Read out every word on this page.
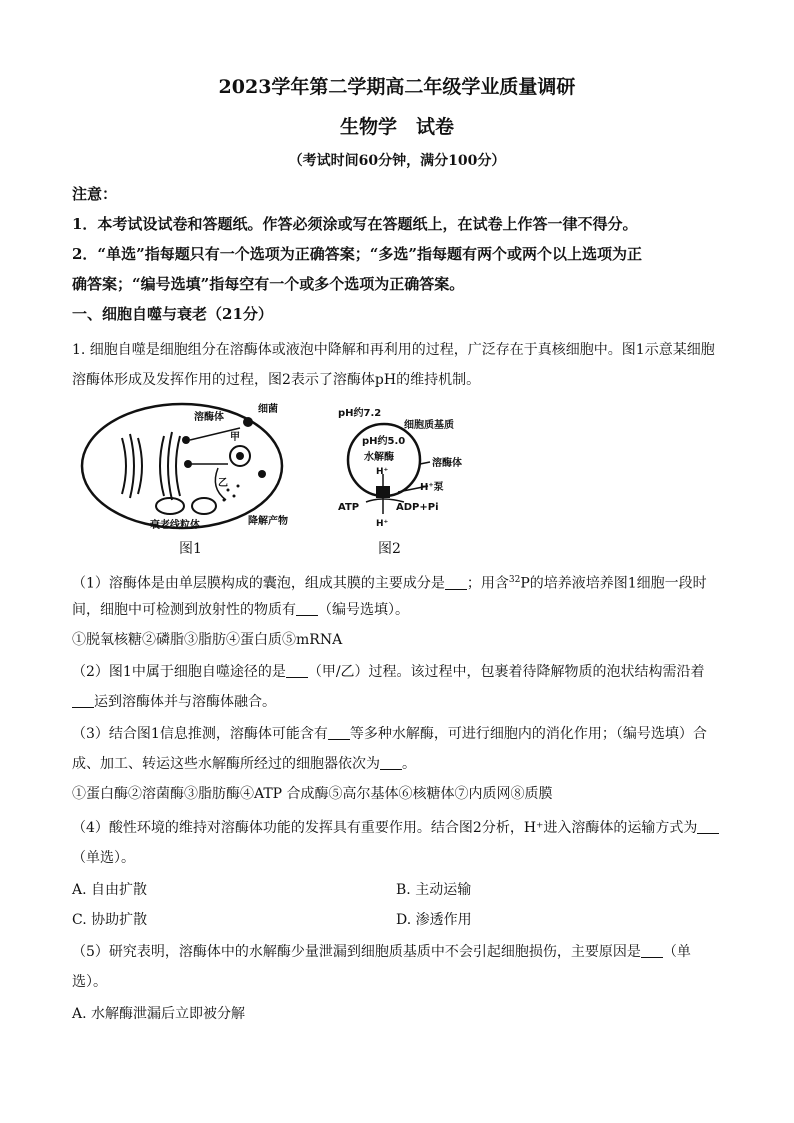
2023学年第二学期高二年级学业质量调研
生物学　试卷
（考试时间60分钟，满分100分）
注意：
1．本考试设试卷和答题纸。作答必须涂或写在答题纸上，在试卷上作答一律不得分。
2．“单选”指每题只有一个选项为正确答案；“多选”指每题有两个或两个以上选项为正
确答案；“编号选填”指每空有一个或多个选项为正确答案。
一、细胞自噬与衰老（21分）
1. 细胞自噬是细胞组分在溶酶体或液泡中降解和再利用的过程，广泛存在于真核细胞中。图1示意某细胞
溶酶体形成及发挥作用的过程，图2表示了溶酶体pH的维持机制。
溶酶体
细菌
甲
乙
衰老线粒体	降解产物
图1
pH约7.2
细胞质基质
pH约5.0
水解酶
H⁺
溶酶体
H⁺泵
ATP	ADP+Pi
H⁺
图2
（1）溶酶体是由单层膜构成的囊泡，组成其膜的主要成分是 ；用含$^{32}$P的培养液培养图1细胞一段时
间，细胞中可检测到放射性的物质有 （编号选填）。
①脱氧核糖②磷脂③脂肪④蛋白质⑤mRNA
（2）图1中属于细胞自噬途径的是 （甲/乙）过程。该过程中，包裹着待降解物质的泡状结构需沿着
运到溶酶体并与溶酶体融合。
（3）结合图1信息推测，溶酶体可能含有 等多种水解酶，可进行细胞内的消化作用；（编号选填）合
成、加工、转运这些水解酶所经过的细胞器依次为 。
①蛋白酶②溶菌酶③脂肪酶④ATP 合成酶⑤高尔基体⑥核糖体⑦内质网⑧质膜
（4）酸性环境的维持对溶酶体功能的发挥具有重要作用。结合图2分析，H⁺进入溶酶体的运输方式为
（单选）。
A. 自由扩散	B. 主动运输
C. 协助扩散	D. 渗透作用
（5）研究表明，溶酶体中的水解酶少量泄漏到细胞质基质中不会引起细胞损伤，主要原因是 （单
选）。
A. 水解酶泄漏后立即被分解
